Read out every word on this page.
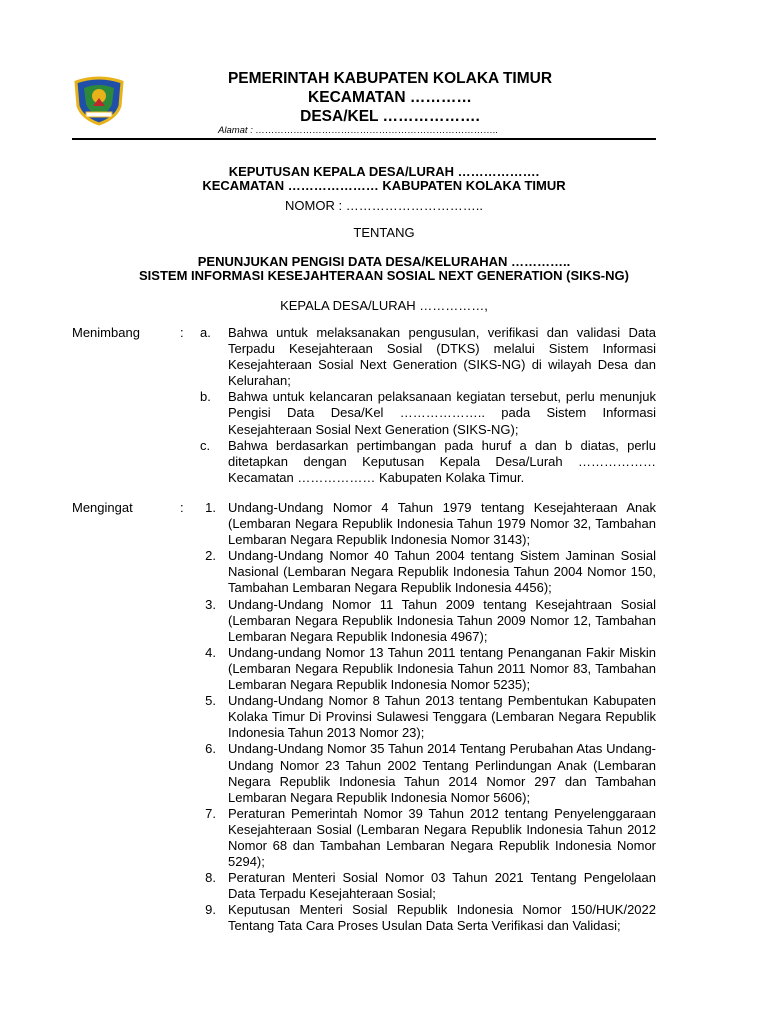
PEMERINTAH KABUPATEN KOLAKA TIMUR
KECAMATAN …………
DESA/KEL ……………….
Alamat : …………………………………………………………………..
KEPUTUSAN KEPALA DESA/LURAH ……………….
KECAMATAN ………………… KABUPATEN KOLAKA TIMUR
NOMOR : …………………………..
TENTANG
PENUNJUKAN PENGISI DATA DESA/KELURAHAN …………..
SISTEM INFORMASI KESEJAHTERAAN SOSIAL NEXT GENERATION (SIKS-NG)
KEPALA DESA/LURAH ……………,
Menimbang	: a.	Bahwa untuk melaksanakan pengusulan, verifikasi dan validasi Data Terpadu Kesejahteraan Sosial (DTKS) melalui Sistem Informasi Kesejahteraan Sosial Next Generation (SIKS-NG) di wilayah Desa dan Kelurahan;
b.	Bahwa untuk kelancaran pelaksanaan kegiatan tersebut, perlu menunjuk Pengisi Data Desa/Kel ……………….. pada Sistem Informasi Kesejahteraan Sosial Next Generation (SIKS-NG);
c.	Bahwa berdasarkan pertimbangan pada huruf a dan b diatas, perlu ditetapkan dengan Keputusan Kepala Desa/Lurah ……………… Kecamatan ……………… Kabupaten Kolaka Timur.
Mengingat	:	1. Undang-Undang Nomor 4 Tahun 1979 tentang Kesejahteraan Anak (Lembaran Negara Republik Indonesia Tahun 1979 Nomor 32, Tambahan Lembaran Negara Republik Indonesia Nomor 3143);
2. Undang-Undang Nomor 40 Tahun 2004 tentang Sistem Jaminan Sosial Nasional (Lembaran Negara Republik Indonesia Tahun 2004 Nomor 150, Tambahan Lembaran Negara Republik Indonesia 4456);
3. Undang-Undang Nomor 11 Tahun 2009 tentang Kesejahtraan Sosial (Lembaran Negara Republik Indonesia Tahun 2009 Nomor 12, Tambahan Lembaran Negara Republik Indonesia 4967);
4. Undang-undang Nomor 13 Tahun 2011 tentang Penanganan Fakir Miskin (Lembaran Negara Republik Indonesia Tahun 2011 Nomor 83, Tambahan Lembaran Negara Republik Indonesia Nomor 5235);
5. Undang-Undang Nomor 8 Tahun 2013 tentang Pembentukan Kabupaten Kolaka Timur Di Provinsi Sulawesi Tenggara (Lembaran Negara Republik Indonesia Tahun 2013 Nomor 23);
6. Undang-Undang Nomor 35 Tahun 2014 Tentang Perubahan Atas Undang-Undang Nomor 23 Tahun 2002 Tentang Perlindungan Anak (Lembaran Negara Republik Indonesia Tahun 2014 Nomor 297 dan Tambahan Lembaran Negara Republik Indonesia Nomor 5606);
7. Peraturan Pemerintah Nomor 39 Tahun 2012 tentang Penyelenggaraan Kesejahteraan Sosial (Lembaran Negara Republik Indonesia Tahun 2012 Nomor 68 dan Tambahan Lembaran Negara Republik Indonesia Nomor 5294);
8. Peraturan Menteri Sosial Nomor 03 Tahun 2021 Tentang Pengelolaan Data Terpadu Kesejahteraan Sosial;
9. Keputusan Menteri Sosial Republik Indonesia Nomor 150/HUK/2022 Tentang Tata Cara Proses Usulan Data Serta Verifikasi dan Validasi;
